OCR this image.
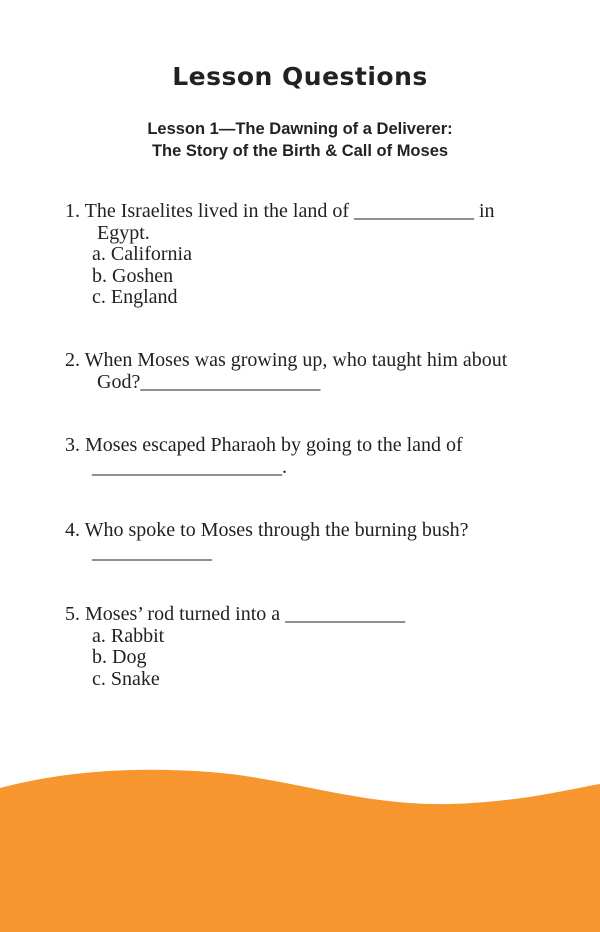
Lesson Questions
Lesson 1—The Dawning of a Deliverer:
The Story of the Birth & Call of Moses
1. The Israelites lived in the land of ____________ in
Egypt.
a. California
b. Goshen
c. England
2. When Moses was growing up, who taught him about
God?__________________
3. Moses escaped Pharaoh by going to the land of
___________________.
4. Who spoke to Moses through the burning bush?
____________
5. Moses’ rod turned into a ____________
a. Rabbit
b. Dog
c. Snake
